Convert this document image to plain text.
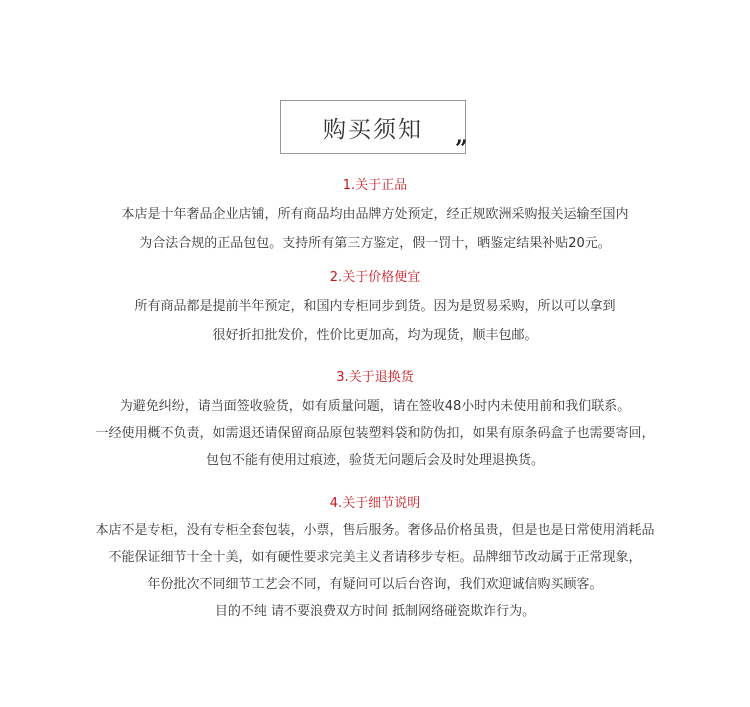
购买须知
”

1.关于正品

本店是十年奢品企业店铺，所有商品均由品牌方处预定，经正规欧洲采购报关运输至国内

为合法合规的正品包包。支持所有第三方鉴定，假一罚十，晒鉴定结果补贴20元。

2.关于价格便宜

所有商品都是提前半年预定，和国内专柜同步到货。因为是贸易采购，所以可以拿到

很好折扣批发价，性价比更加高，均为现货，顺丰包邮。

3.关于退换货

为避免纠纷，请当面签收验货，如有质量问题，请在签收48小时内未使用前和我们联系。

一经使用概不负责，如需退还请保留商品原包装塑料袋和防伪扣，如果有原条码盒子也需要寄回，

包包不能有使用过痕迹，验货无问题后会及时处理退换货。

4.关于细节说明

本店不是专柜，没有专柜全套包装，小票，售后服务。奢侈品价格虽贵，但是也是日常使用消耗品

不能保证细节十全十美，如有硬性要求完美主义者请移步专柜。品牌细节改动属于正常现象，

年份批次不同细节工艺会不同，有疑问可以后台咨询，我们欢迎诚信购买顾客。

目的不纯 请不要浪费双方时间 抵制网络碰瓷欺诈行为。
